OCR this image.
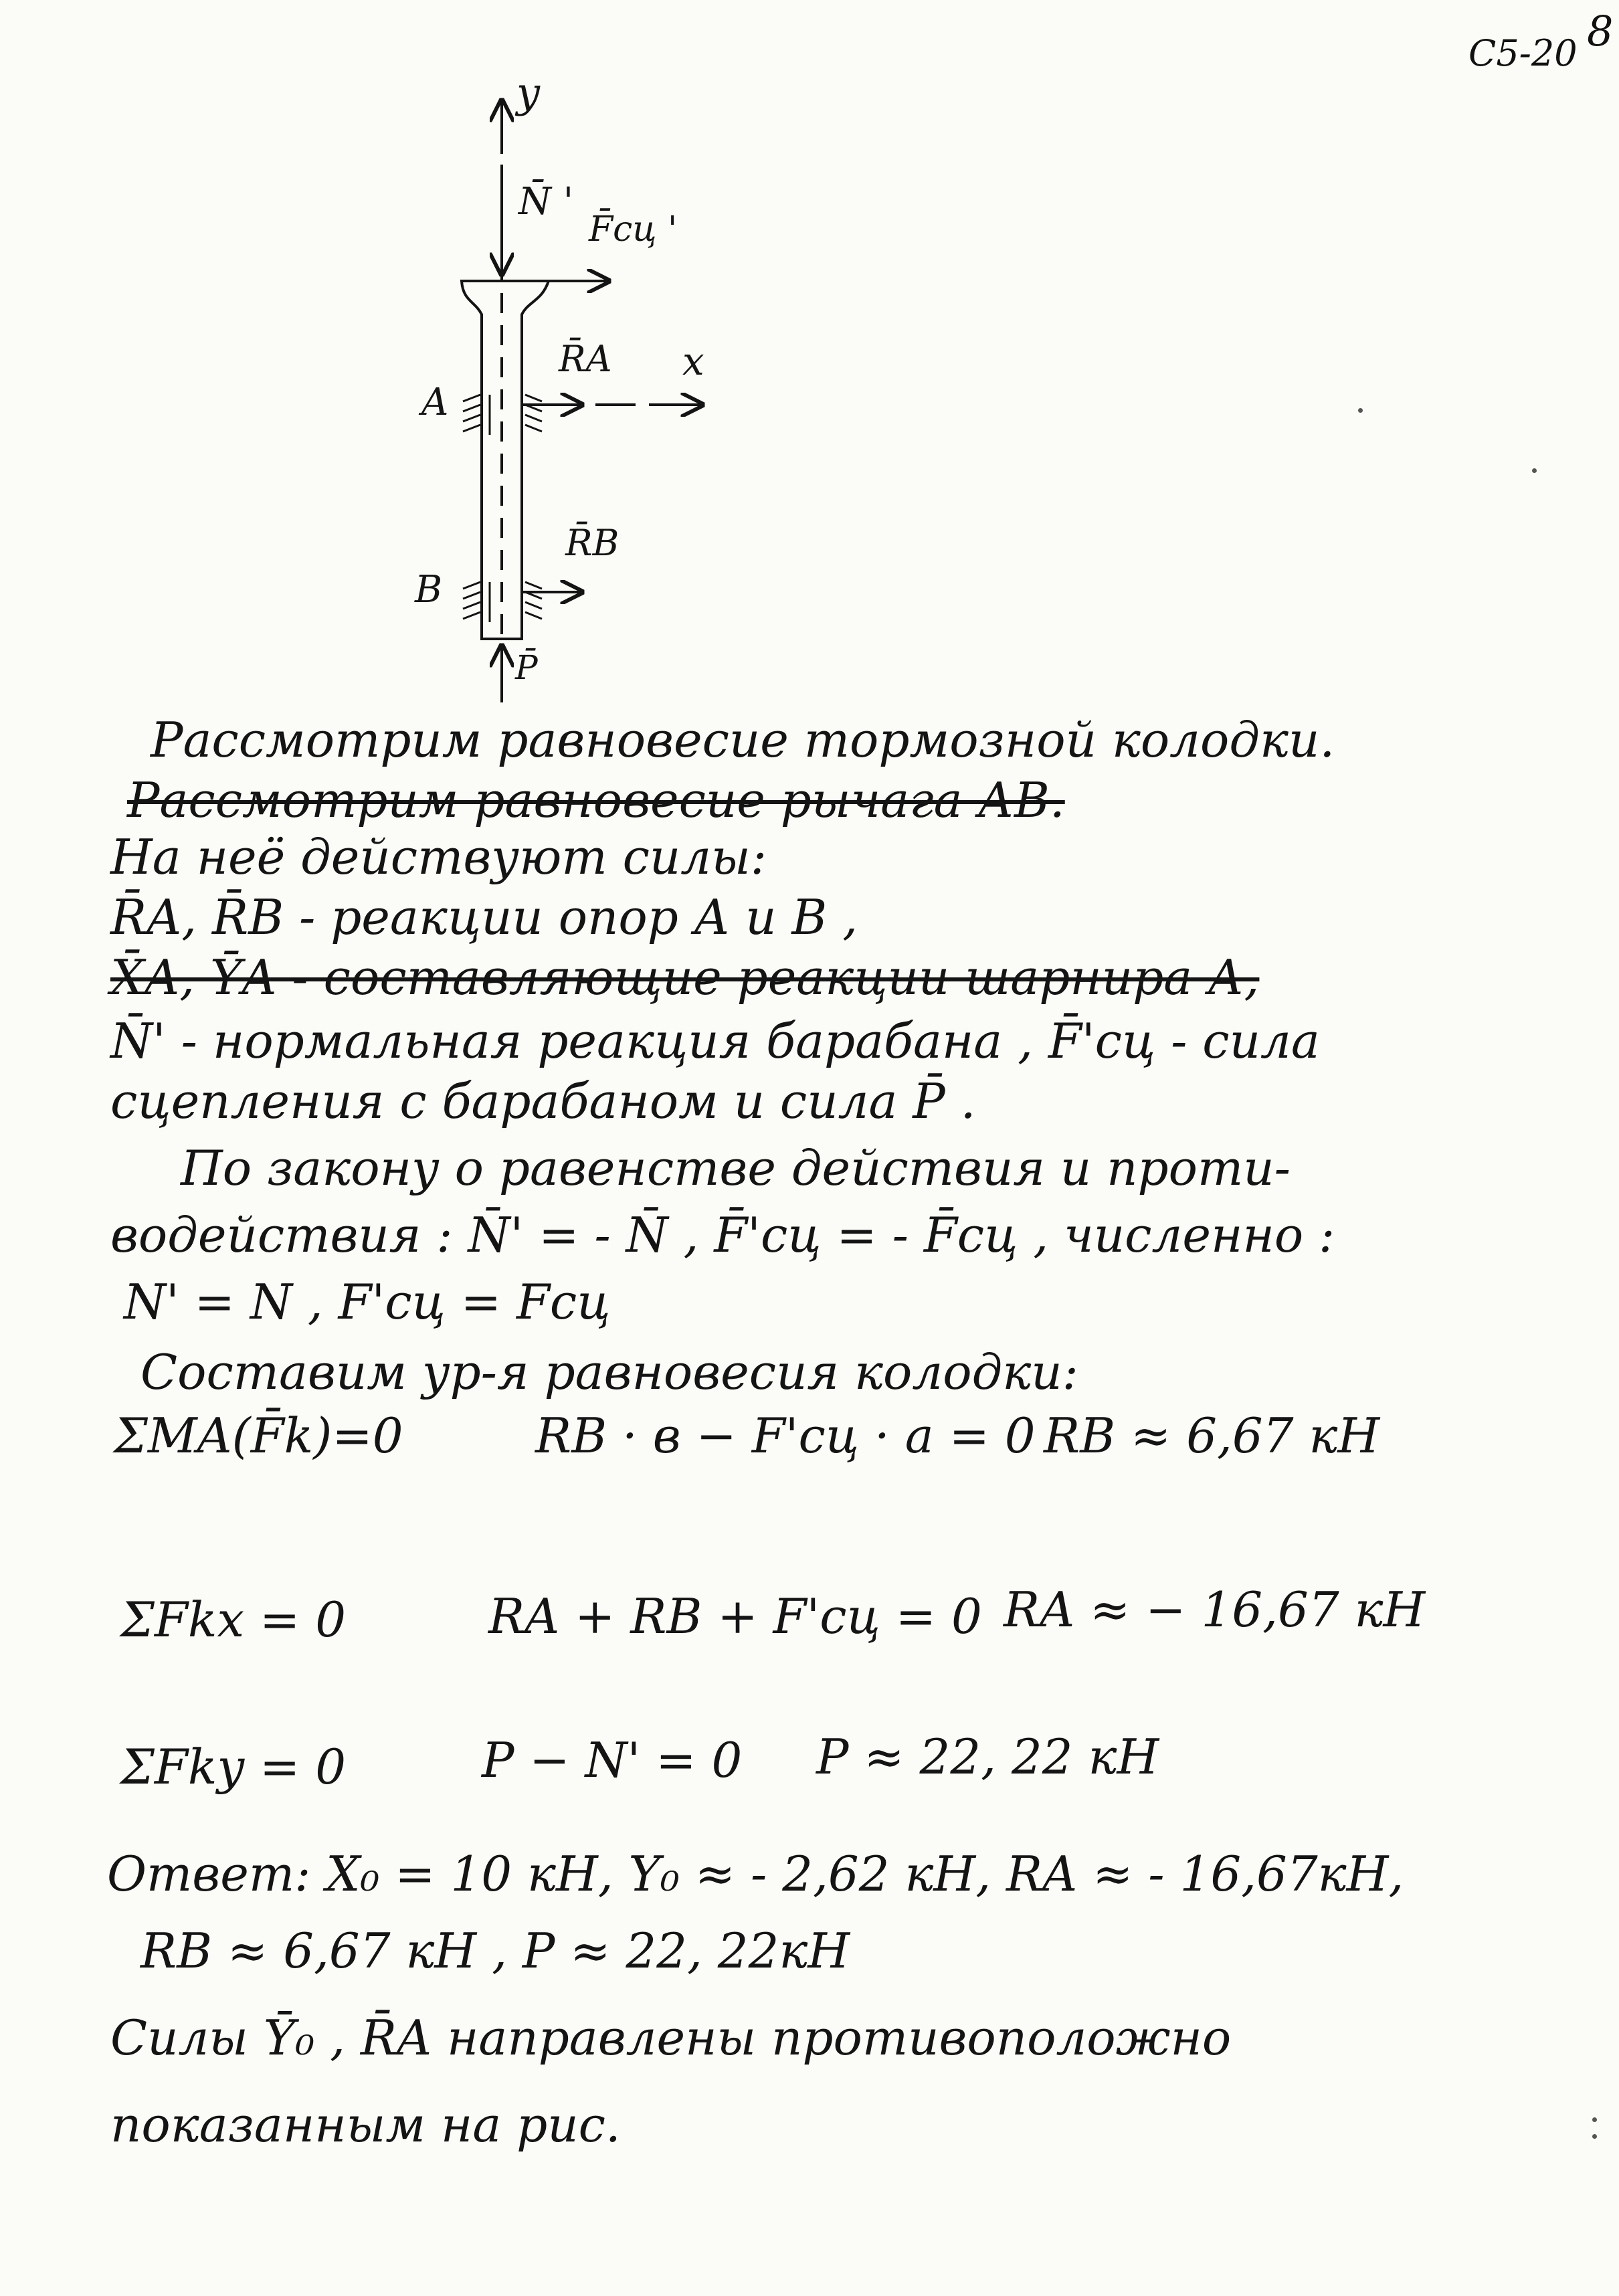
C5-20 8
y
N̄ '
F̄cц '
A
R̄A x
B
R̄B
P̄
Рассмотрим равновесие тормозной колодки.
Рассмотрим равновесие рычага АВ.
На неё действуют силы:
R̄A, R̄B - реакции опор А и В ,
X̄A, ȲA - составляющие реакции шарнира А,
N̄' - нормальная реакция барабана , F̄'сц - сила
сцепления с барабаном и сила P̄ .
По закону о равенстве действия и проти-
водействия : N̄' = - N̄ , F̄'сц = - F̄сц , численно :
N' = N , F'сц = Fсц
Составим ур-я равновесия колодки:
ΣMA(F̄k)=0	RB · в − F'сц · a = 0 RB ≈ 6,67 кН
ΣFkx = 0	RA + RB + F'сц = 0 RA ≈ − 16,67 кН
ΣFky = 0	P − N' = 0 P ≈ 22, 22 кН
Ответ: X₀ = 10 кН, Y₀ ≈ - 2,62 кН, RA ≈ - 16,67кН,
RB ≈ 6,67 кН , P ≈ 22, 22кН
Силы Ȳ₀ , R̄A направлены противоположно
показанным на рис.
